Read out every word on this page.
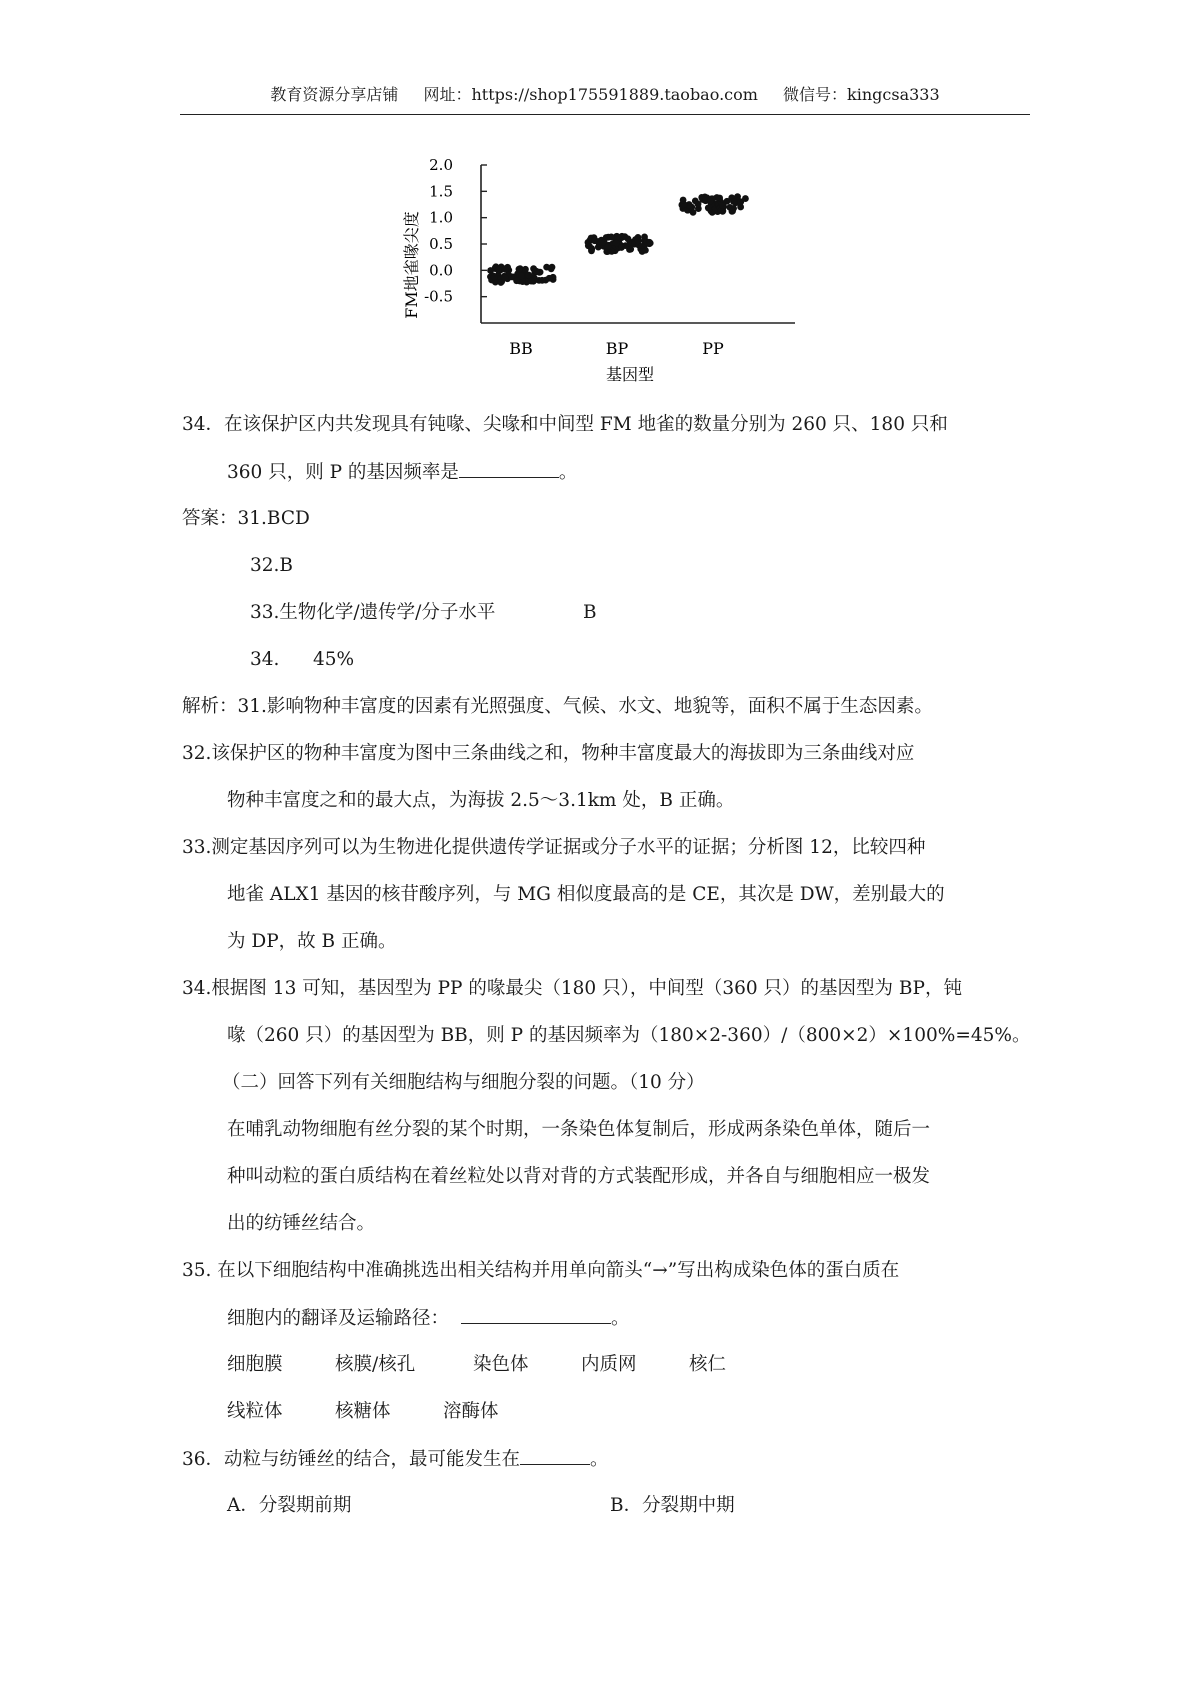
教育资源分享店铺 网址：https://shop175591889.taobao.com 微信号：kingcsa333
2.0
1.5
1.0
0.5
0.0
-0.5
FM地雀喙尖度
BB	BP	PP
基因型
34．在该保护区内共发现具有钝喙、尖喙和中间型 FM 地雀的数量分别为 260 只、180 只和
360 只，则 P 的基因频率是	。
答案：31.BCD
32.B
33.生物化学/遗传学/分子水平	B
34. 45%
解析：31.影响物种丰富度的因素有光照强度、气候、水文、地貌等，面积不属于生态因素。
32.该保护区的物种丰富度为图中三条曲线之和，物种丰富度最大的海拔即为三条曲线对应
物种丰富度之和的最大点，为海拔 2.5～3.1km 处，B 正确。
33.测定基因序列可以为生物进化提供遗传学证据或分子水平的证据；分析图 12，比较四种
地雀 ALX1 基因的核苷酸序列，与 MG 相似度最高的是 CE，其次是 DW，差别最大的
为 DP，故 B 正确。
34.根据图 13 可知，基因型为 PP 的喙最尖（180 只），中间型（360 只）的基因型为 BP，钝
喙（260 只）的基因型为 BB，则 P 的基因频率为（180×2-360）/（800×2）×100%=45%。
（二）回答下列有关细胞结构与细胞分裂的问题。（10 分）
在哺乳动物细胞有丝分裂的某个时期，一条染色体复制后，形成两条染色单体，随后一
种叫动粒的蛋白质结构在着丝粒处以背对背的方式装配形成，并各自与细胞相应一极发
出的纺锤丝结合。
35. 在以下细胞结构中准确挑选出相关结构并用单向箭头“→”写出构成染色体的蛋白质在
细胞内的翻译及运输路径：	。
细胞膜	核膜/核孔	染色体	内质网	核仁
线粒体	核糖体	溶酶体
36．动粒与纺锤丝的结合，最可能发生在	。
A．分裂期前期	B．分裂期中期
